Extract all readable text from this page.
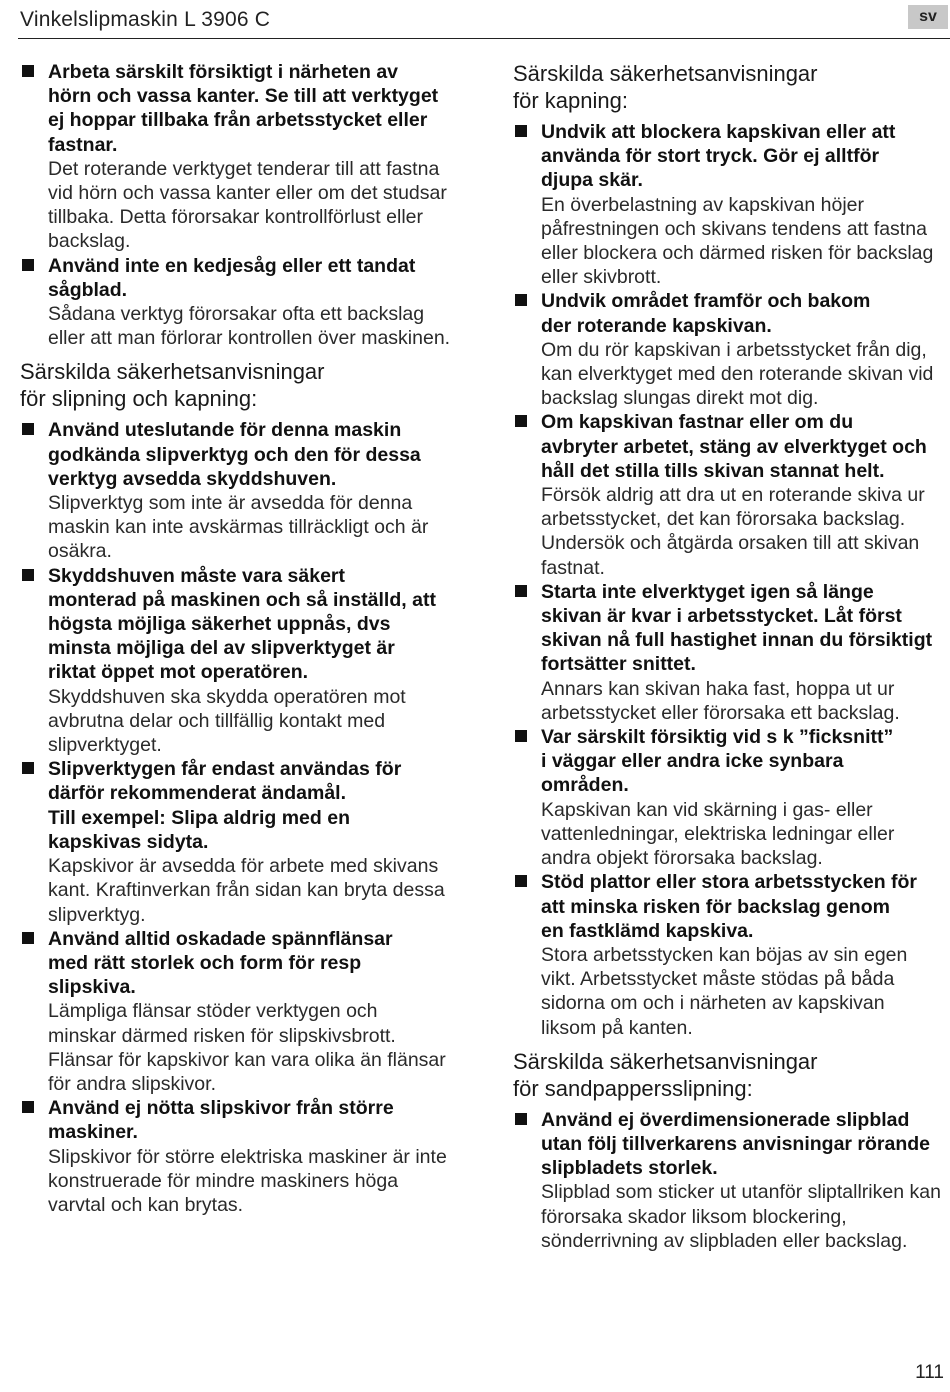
Vinkelslipmaskin L 3906 C	sv
Arbeta särskilt försiktigt i närheten av
hörn och vassa kanter. Se till att verktyget
ej hoppar tillbaka från arbetsstycket eller
fastnar.
Det roterande verktyget tenderar till att fastna
vid hörn och vassa kanter eller om det studsar
tillbaka. Detta förorsakar kontrollförlust eller
backslag.
Använd inte en kedjesåg eller ett tandat
sågblad.
Sådana verktyg förorsakar ofta ett backslag
eller att man förlorar kontrollen över maskinen.
Särskilda säkerhetsanvisningar
för slipning och kapning:
Använd uteslutande för denna maskin
godkända slipverktyg och den för dessa
verktyg avsedda skyddshuven.
Slipverktyg som inte är avsedda för denna
maskin kan inte avskärmas tillräckligt och är
osäkra.
Skyddshuven måste vara säkert
monterad på maskinen och så inställd, att
högsta möjliga säkerhet uppnås, dvs
minsta möjliga del av slipverktyget är
riktat öppet mot operatören.
Skyddshuven ska skydda operatören mot
avbrutna delar och tillfällig kontakt med
slipverktyget.
Slipverktygen får endast användas för
därför rekommenderat ändamål.
Till exempel: Slipa aldrig med en
kapskivas sidyta.
Kapskivor är avsedda för arbete med skivans
kant. Kraftinverkan från sidan kan bryta dessa
slipverktyg.
Använd alltid oskadade spännflänsar
med rätt storlek och form för resp
slipskiva.
Lämpliga flänsar stöder verktygen och
minskar därmed risken för slipskivsbrott.
Flänsar för kapskivor kan vara olika än flänsar
för andra slipskivor.
Använd ej nötta slipskivor från större
maskiner.
Slipskivor för större elektriska maskiner är inte
konstruerade för mindre maskiners höga
varvtal och kan brytas.
Särskilda säkerhetsanvisningar
för kapning:
Undvik att blockera kapskivan eller att
använda för stort tryck. Gör ej alltför
djupa skär.
En överbelastning av kapskivan höjer
påfrestningen och skivans tendens att fastna
eller blockera och därmed risken för backslag
eller skivbrott.
Undvik området framför och bakom
der roterande kapskivan.
Om du rör kapskivan i arbetsstycket från dig,
kan elverktyget med den roterande skivan vid
backslag slungas direkt mot dig.
Om kapskivan fastnar eller om du
avbryter arbetet, stäng av elverktyget och
håll det stilla tills skivan stannat helt.
Försök aldrig att dra ut en roterande skiva ur
arbetsstycket, det kan förorsaka backslag.
Undersök och åtgärda orsaken till att skivan
fastnat.
Starta inte elverktyget igen så länge
skivan är kvar i arbetsstycket. Låt först
skivan nå full hastighet innan du försiktigt
fortsätter snittet.
Annars kan skivan haka fast, hoppa ut ur
arbetsstycket eller förorsaka ett backslag.
Var särskilt försiktig vid s k ”ficksnitt”
i väggar eller andra icke synbara
områden.
Kapskivan kan vid skärning i gas- eller
vattenledningar, elektriska ledningar eller
andra objekt förorsaka backslag.
Stöd plattor eller stora arbetsstycken för
att minska risken för backslag genom
en fastklämd kapskiva.
Stora arbetsstycken kan böjas av sin egen
vikt. Arbetsstycket måste stödas på båda
sidorna om och i närheten av kapskivan
liksom på kanten.
Särskilda säkerhetsanvisningar
för sandpappersslipning:
Använd ej överdimensionerade slipblad
utan följ tillverkarens anvisningar rörande
slipbladets storlek.
Slipblad som sticker ut utanför sliptallriken kan
förorsaka skador liksom blockering,
sönderrivning av slipbladen eller backslag.
111
